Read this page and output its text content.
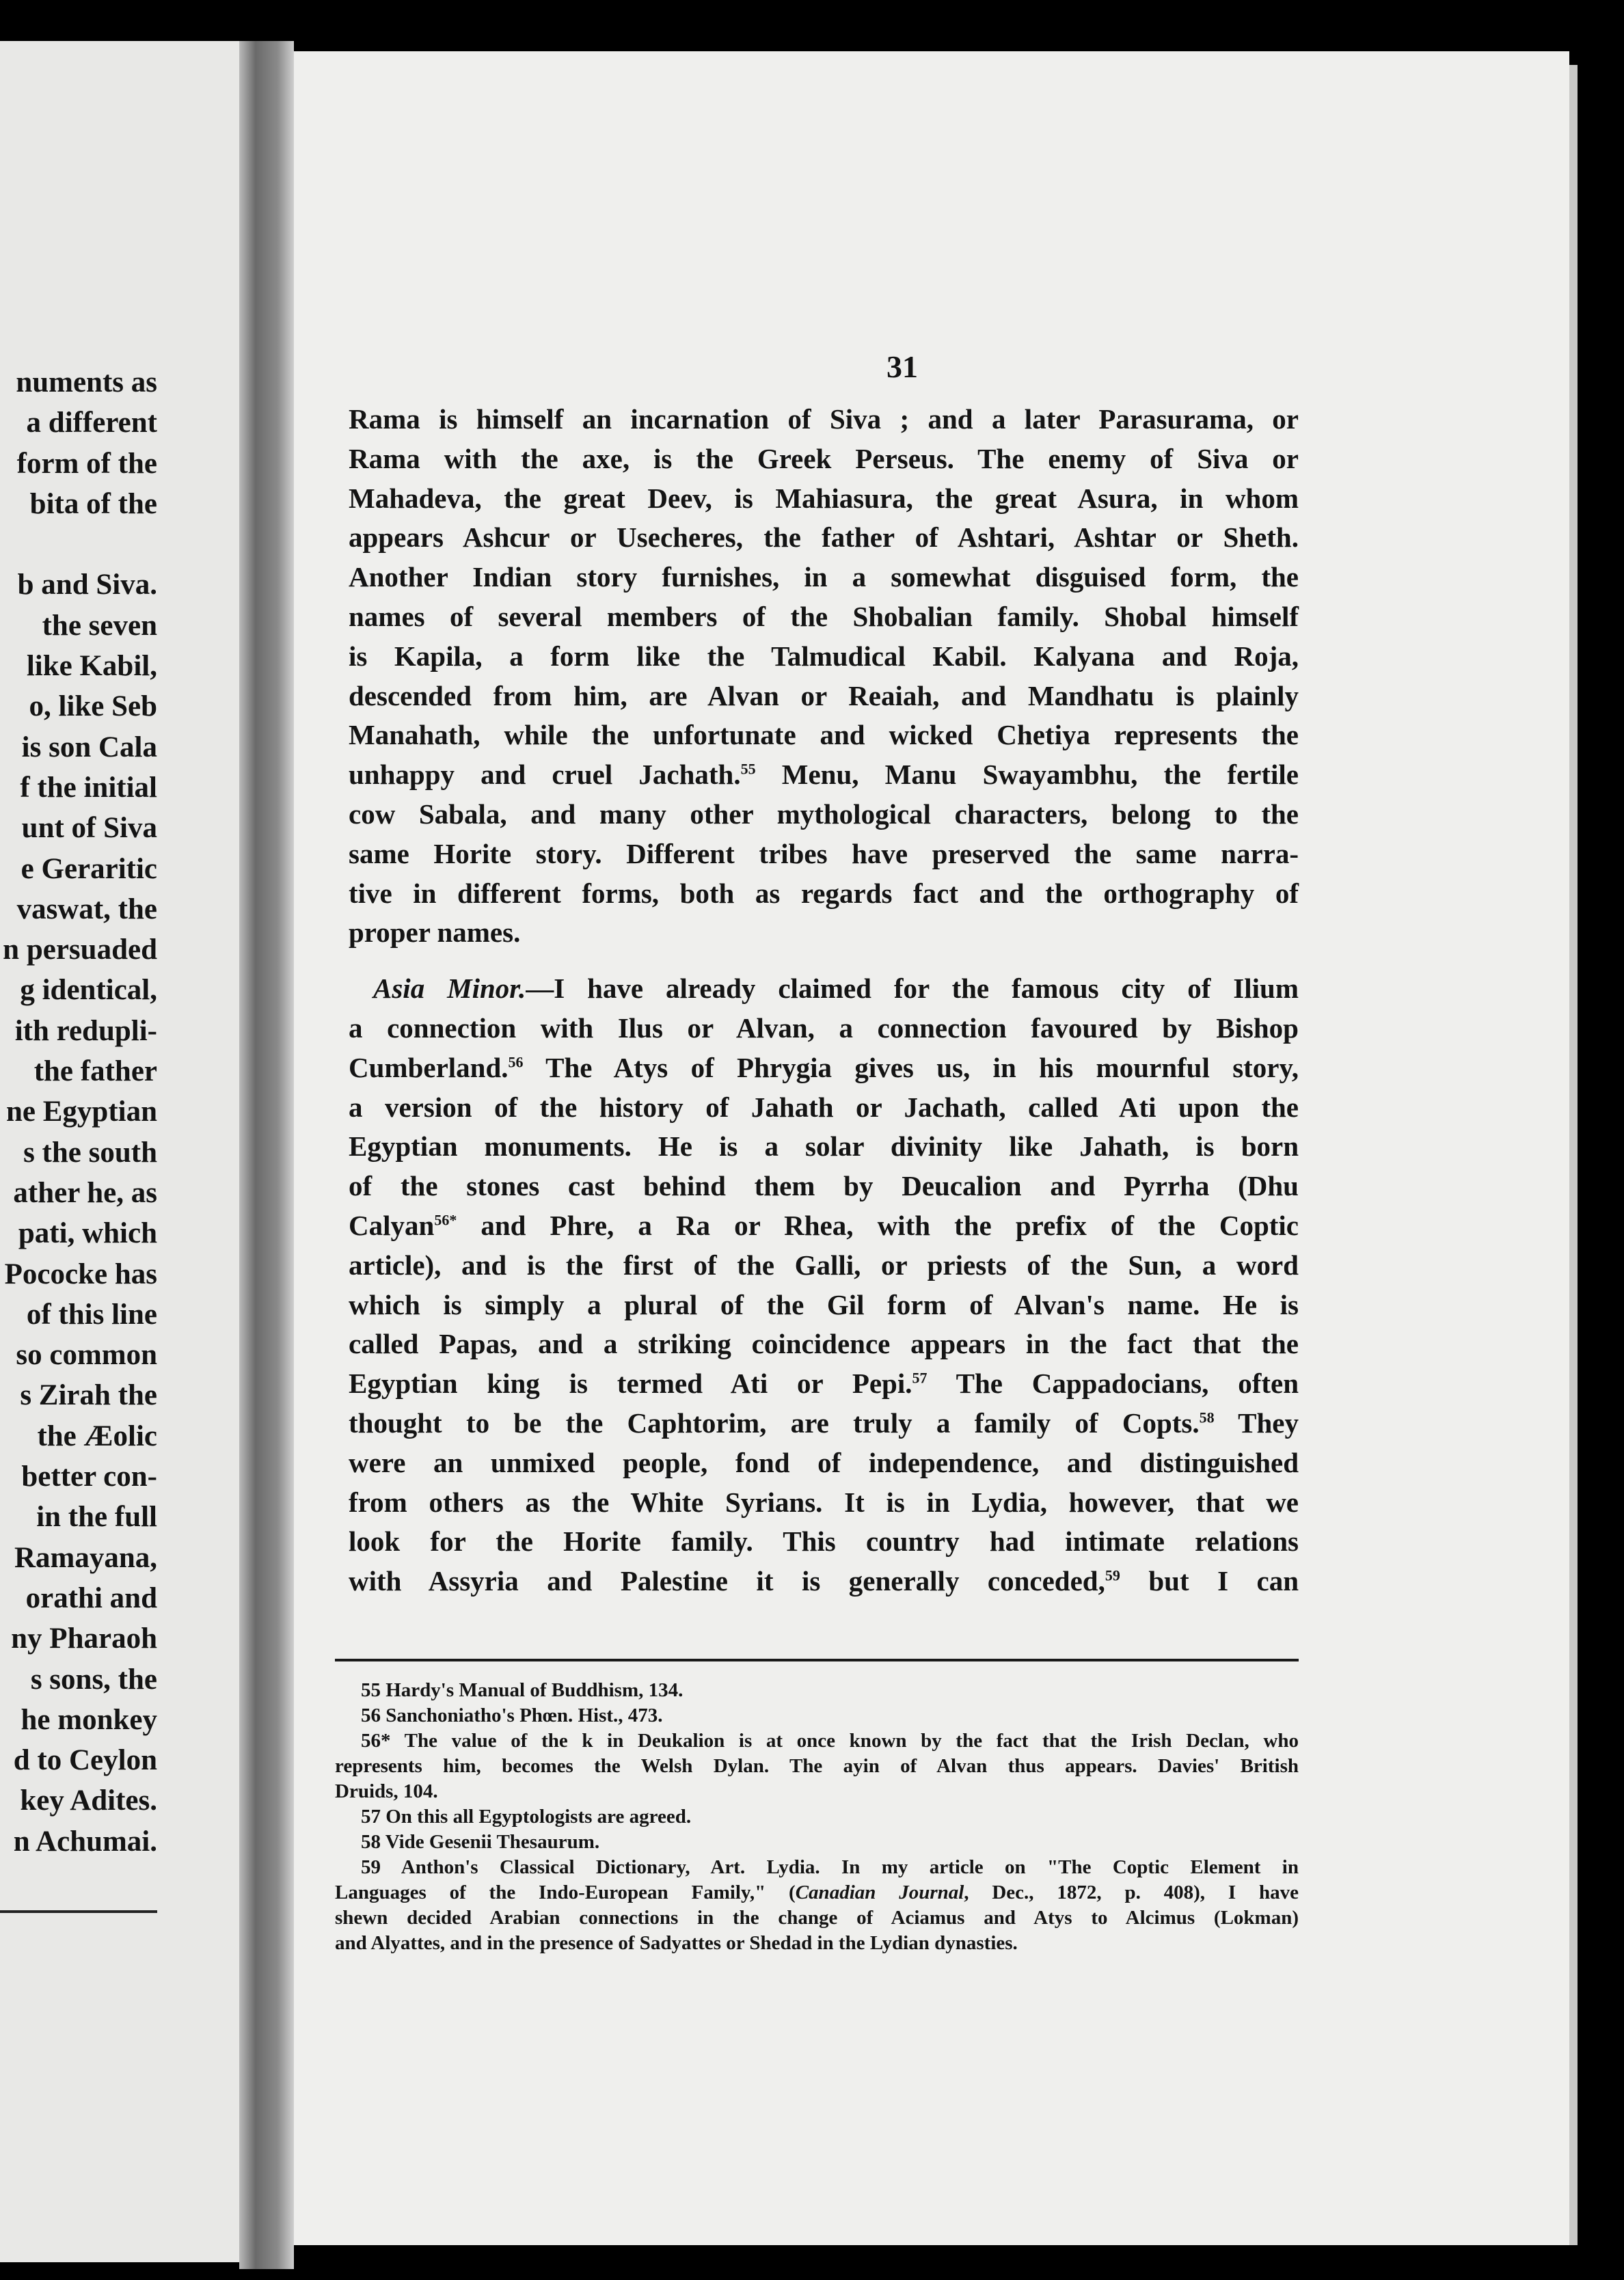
numents as
a different
form of the
bita of the

b and Siva.
the seven
like Kabil,
o, like Seb
is son Cala
f the initial
unt of Siva
e Geraritic
vaswat, the
n persuaded
g identical,
ith redupli-
the father
ne Egyptian
s the south
ather he, as
pati, which
Pococke has
of this line
so common
s Zirah the
the Æolic
better con-
in the full
Ramayana,
orathi and
ny Pharaoh
s sons, the
he monkey
d to Ceylon
key Adites.
n Achumai.
31
Rama is himself an incarnation of Siva ; and a later Parasurama, or
Rama with the axe, is the Greek Perseus. The enemy of Siva or
Mahadeva, the great Deev, is Mahiasura, the great Asura, in whom
appears Ashcur or Usecheres, the father of Ashtari, Ashtar or Sheth.
Another Indian story furnishes, in a somewhat disguised form, the
names of several members of the Shobalian family. Shobal himself
is Kapila, a form like the Talmudical Kabil. Kalyana and Roja,
descended from him, are Alvan or Reaiah, and Mandhatu is plainly
Manahath, while the unfortunate and wicked Chetiya represents the
unhappy and cruel Jachath.$^{55}$ Menu, Manu Swayambhu, the fertile
cow Sabala, and many other mythological characters, belong to the
same Horite story. Different tribes have preserved the same narra-
tive in different forms, both as regards fact and the orthography of
proper names.
Asia Minor.—I have already claimed for the famous city of Ilium
a connection with Ilus or Alvan, a connection favoured by Bishop
Cumberland.$^{56}$ The Atys of Phrygia gives us, in his mournful story,
a version of the history of Jahath or Jachath, called Ati upon the
Egyptian monuments. He is a solar divinity like Jahath, is born
of the stones cast behind them by Deucalion and Pyrrha (Dhu
Calyan$^{56*}$ and Phre, a Ra or Rhea, with the prefix of the Coptic
article), and is the first of the Galli, or priests of the Sun, a word
which is simply a plural of the Gil form of Alvan's name. He is
called Papas, and a striking coincidence appears in the fact that the
Egyptian king is termed Ati or Pepi.$^{57}$ The Cappadocians, often
thought to be the Caphtorim, are truly a family of Copts.$^{58}$ They
were an unmixed people, fond of independence, and distinguished
from others as the White Syrians. It is in Lydia, however, that we
look for the Horite family. This country had intimate relations
with Assyria and Palestine it is generally conceded,$^{59}$ but I can
55 Hardy's Manual of Buddhism, 134.
56 Sanchoniatho's Phœn. Hist., 473.
56* The value of the k in Deukalion is at once known by the fact that the Irish Declan, who
represents him, becomes the Welsh Dylan. The ayin of Alvan thus appears. Davies' British
Druids, 104.
57 On this all Egyptologists are agreed.
58 Vide Gesenii Thesaurum.
59 Anthon's Classical Dictionary, Art. Lydia. In my article on "The Coptic Element in
Languages of the Indo-European Family," (Canadian Journal, Dec., 1872, p. 408), I have
shewn decided Arabian connections in the change of Aciamus and Atys to Alcimus (Lokman)
and Alyattes, and in the presence of Sadyattes or Shedad in the Lydian dynasties.
